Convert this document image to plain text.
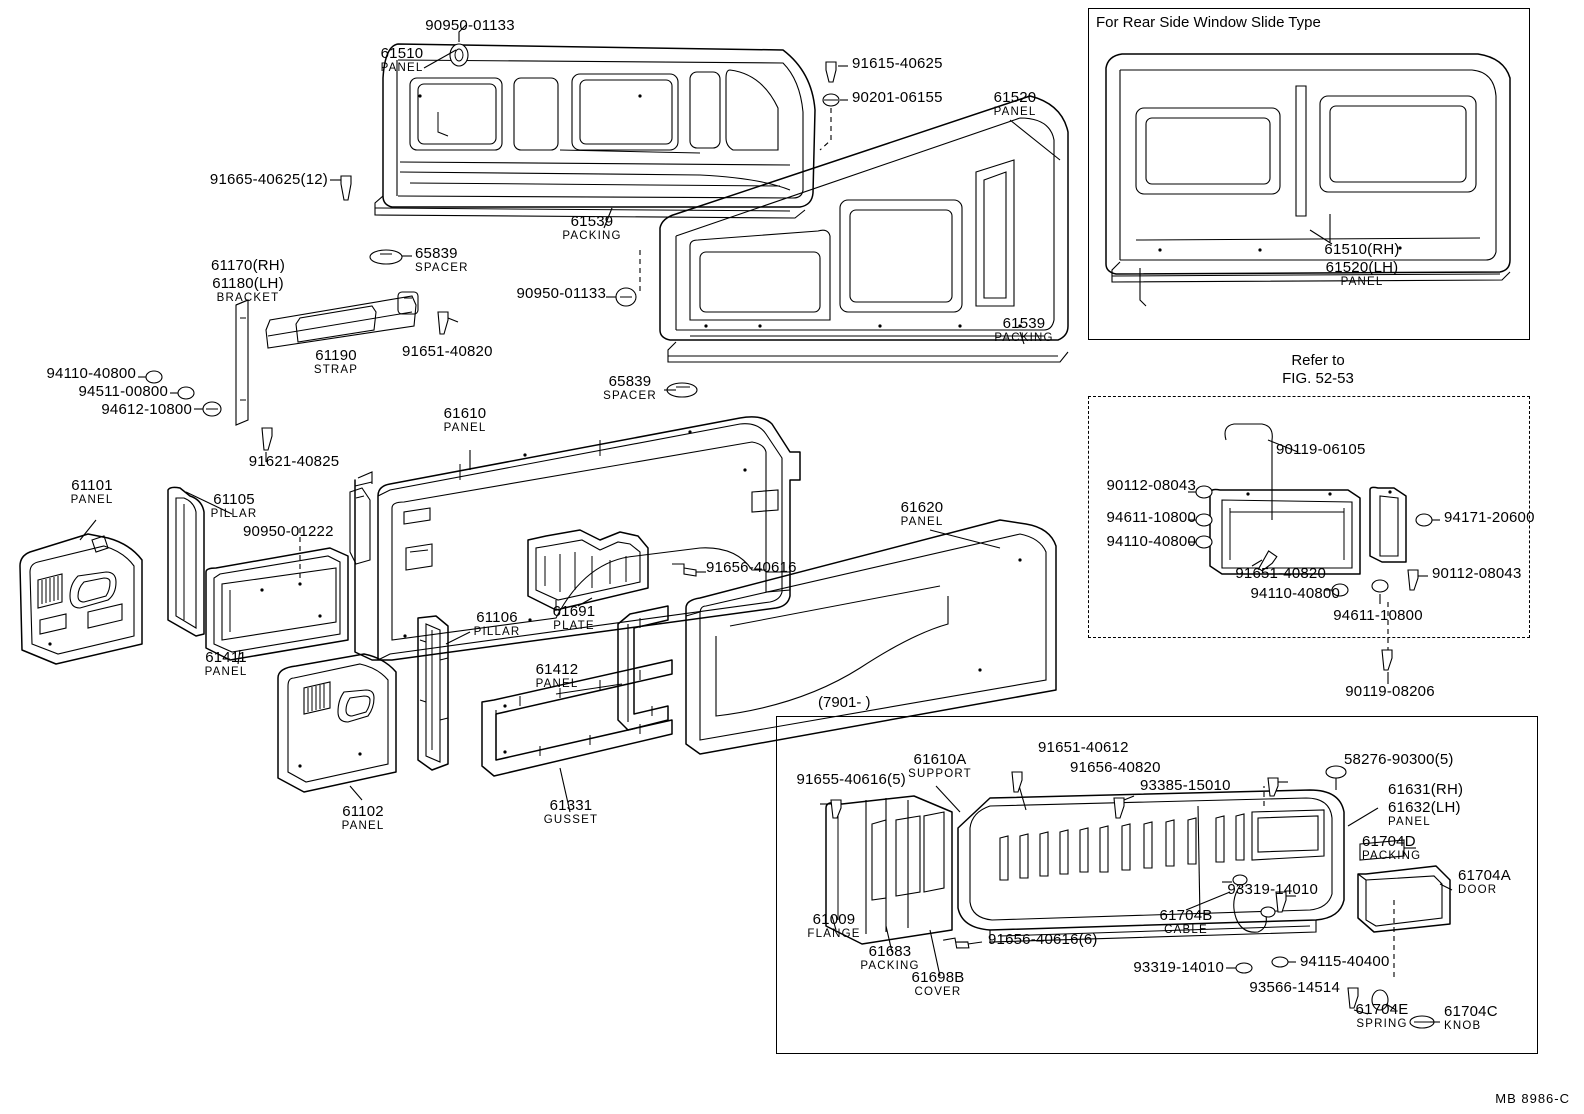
For Rear Side Window Slide Type
Refer to
FIG. 52-53
(7901- )
90950-01133
61510
PANEL	91615-40625
90201-06155	61520
PANEL
91665-40625(12)
61539
PACKING
65839
SPACER
61170(RH)
61180(LH)
BRACKET
61190
STRAP
91651-40820
90950-01133
61539
PACKING
94110-40800
94511-00800
94612-10800
91621-40825
65839
SPACER
61610
PANEL
61101
PANEL	61105
PILLAR
90950-01222
61411
PANEL
61106
PILLAR
61691
PLATE
91656-40616
61620
PANEL
61412
PANEL
61102
PANEL
61331
GUSSET
61510(RH)
61520(LH)
PANEL
90119-06105
90112-08043
94611-10800
94110-40800
94171-20600
91651-40820
94110-40800
90112-08043
94611-10800
90119-08206
61610A
SUPPORT
91651-40612
91656-40820
93385-15010
58276-90300(5)
91655-40616(5)
61631(RH)
61632(LH)
PANEL
61704D
PACKING
61704A
DOOR
93319-14010
61009
FLANGE
61683
PACKING
61698B
COVER
91656-40616(6)
61704B
CABLE
93319-14010	94115-40400
93566-14514
61704E
SPRING
61704C
KNOB
MB 8986-C
